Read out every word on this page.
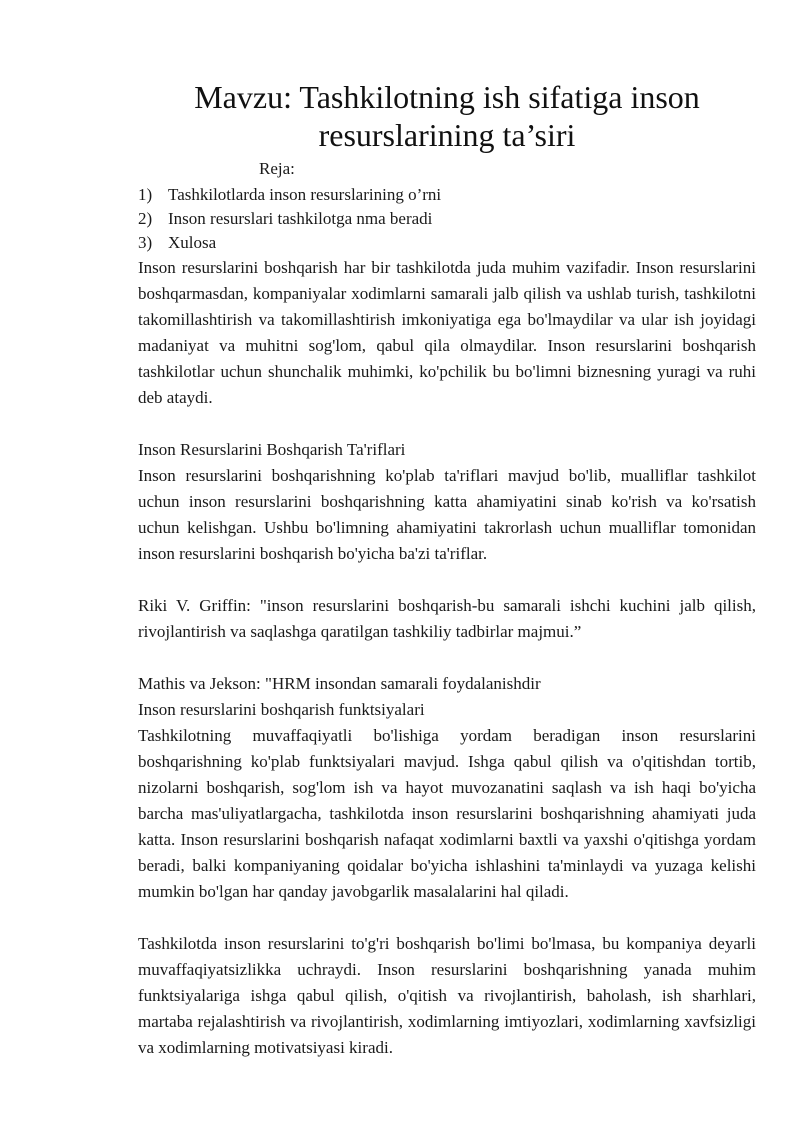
Mavzu: Tashkilotning ish sifatiga inson
resurslarining ta’siri
Reja:
1) Tashkilotlarda inson resurslarining o’rni
2) Inson resurslari tashkilotga nma beradi
3) Xulosa

Inson resurslarini boshqarish har bir tashkilotda juda muhim vazifadir. Inson resurslarini boshqarmasdan, kompaniyalar xodimlarni samarali jalb qilish va ushlab turish, tashkilotni takomillashtirish va takomillashtirish imkoniyatiga ega bo'lmaydilar va ular ish joyidagi madaniyat va muhitni sog'lom, qabul qila olmaydilar. Inson resurslarini boshqarish tashkilotlar uchun shunchalik muhimki, ko'pchilik bu bo'limni biznesning yuragi va ruhi deb ataydi.

Inson Resurslarini Boshqarish Ta'riflari

Inson resurslarini boshqarishning ko'plab ta'riflari mavjud bo'lib, mualliflar tashkilot uchun inson resurslarini boshqarishning katta ahamiyatini sinab ko'rish va ko'rsatish uchun kelishgan. Ushbu bo'limning ahamiyatini takrorlash uchun mualliflar tomonidan inson resurslarini boshqarish bo'yicha ba'zi ta'riflar.

Riki V. Griffin: "inson resurslarini boshqarish-bu samarali ishchi kuchini jalb qilish, rivojlantirish va saqlashga qaratilgan tashkiliy tadbirlar majmui.”

Mathis va Jekson: "HRM insondan samarali foydalanishdir

Inson resurslarini boshqarish funktsiyalari

Tashkilotning muvaffaqiyatli bo'lishiga yordam beradigan inson resurslarini boshqarishning ko'plab funktsiyalari mavjud. Ishga qabul qilish va o'qitishdan tortib, nizolarni boshqarish, sog'lom ish va hayot muvozanatini saqlash va ish haqi bo'yicha barcha mas'uliyatlargacha, tashkilotda inson resurslarini boshqarishning ahamiyati juda katta. Inson resurslarini boshqarish nafaqat xodimlarni baxtli va yaxshi o'qitishga yordam beradi, balki kompaniyaning qoidalar bo'yicha ishlashini ta'minlaydi va yuzaga kelishi mumkin bo'lgan har qanday javobgarlik masalalarini hal qiladi.

Tashkilotda inson resurslarini to'g'ri boshqarish bo'limi bo'lmasa, bu kompaniya deyarli muvaffaqiyatsizlikka uchraydi. Inson resurslarini boshqarishning yanada muhim funktsiyalariga ishga qabul qilish, o'qitish va rivojlantirish, baholash, ish sharhlari, martaba rejalashtirish va rivojlantirish, xodimlarning imtiyozlari, xodimlarning xavfsizligi va xodimlarning motivatsiyasi kiradi.
